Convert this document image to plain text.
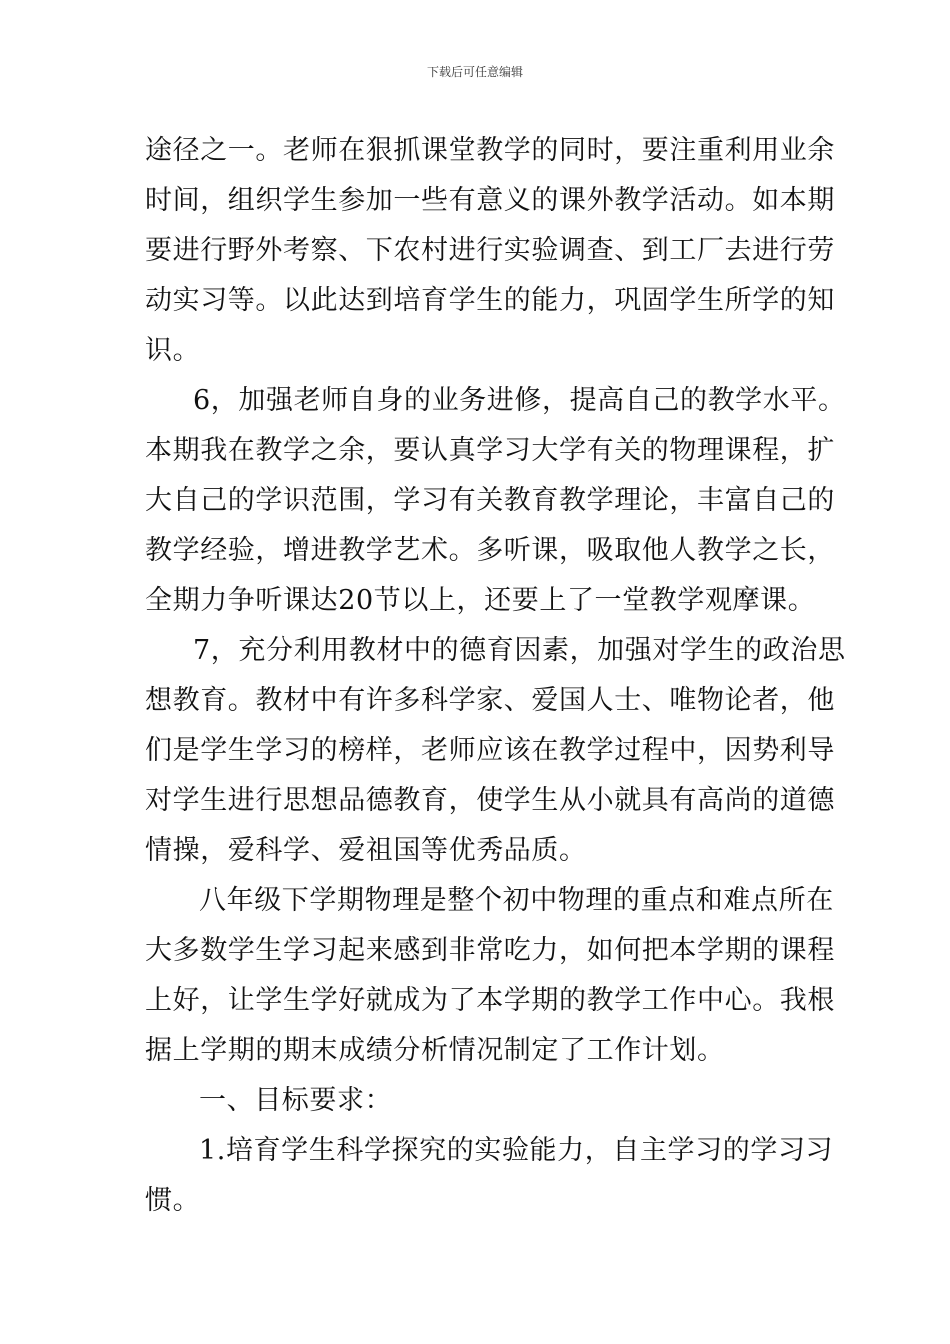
下载后可任意编辑
途径之一。老师在狠抓课堂教学的同时，要注重利用业余
时间，组织学生参加一些有意义的课外教学活动。如本期
要进行野外考察、下农村进行实验调查、到工厂去进行劳
动实习等。以此达到培育学生的能力，巩固学生所学的知
识。
6，加强老师自身的业务进修，提高自己的教学水平。
本期我在教学之余，要认真学习大学有关的物理课程，扩
大自己的学识范围，学习有关教育教学理论，丰富自己的
教学经验，增进教学艺术。多听课，吸取他人教学之长，
全期力争听课达20节以上，还要上了一堂教学观摩课。
7，充分利用教材中的德育因素，加强对学生的政治思
想教育。教材中有许多科学家、爱国人士、唯物论者，他
们是学生学习的榜样，老师应该在教学过程中，因势利导
对学生进行思想品德教育，使学生从小就具有高尚的道德
情操，爱科学、爱祖国等优秀品质。
八年级下学期物理是整个初中物理的重点和难点所在
大多数学生学习起来感到非常吃力，如何把本学期的课程
上好，让学生学好就成为了本学期的教学工作中心。我根
据上学期的期末成绩分析情况制定了工作计划。
一、目标要求：
1.培育学生科学探究的实验能力，自主学习的学习习
惯。
